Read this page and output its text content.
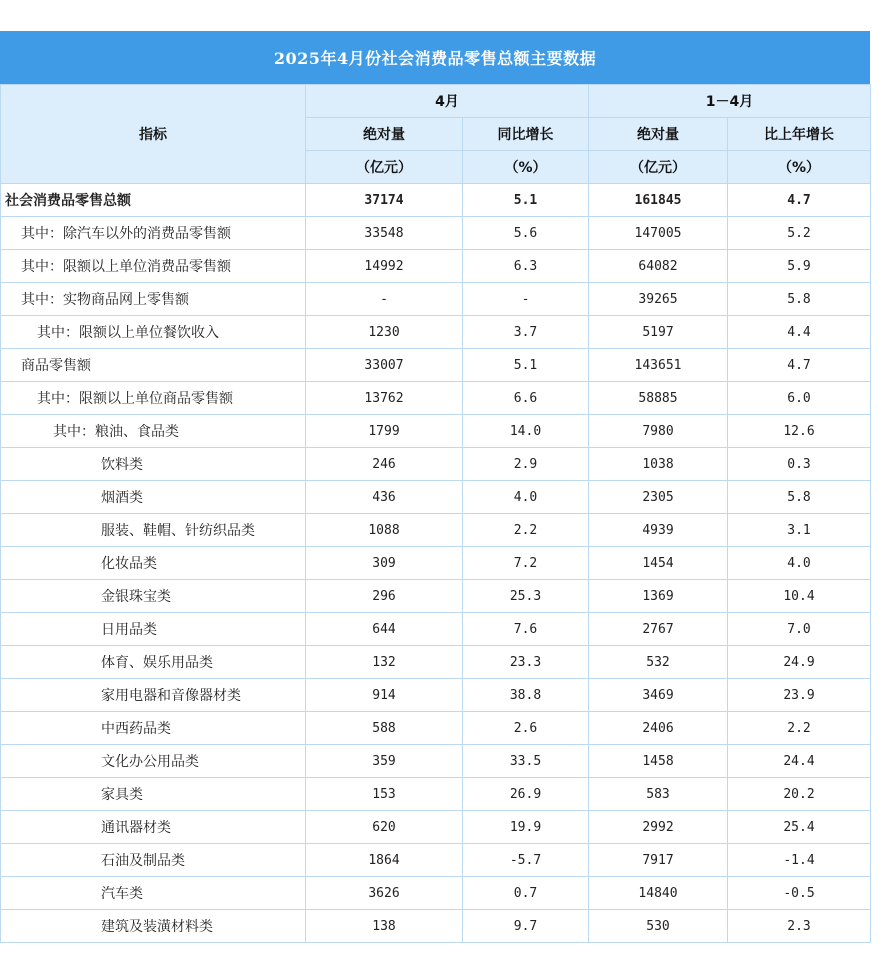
2025年4月份社会消费品零售总额主要数据
指标	4月		1－4月	
	绝对量	同比增长	绝对量	比上年增长
	（亿元）	（%）	（亿元）	（%）
社会消费品零售总额	37174	5.1	161845	4.7
其中：除汽车以外的消费品零售额	33548	5.6	147005	5.2
其中：限额以上单位消费品零售额	14992	6.3	64082	5.9
其中：实物商品网上零售额	-	-	39265	5.8
其中：限额以上单位餐饮收入	1230	3.7	5197	4.4
商品零售额	33007	5.1	143651	4.7
其中：限额以上单位商品零售额	13762	6.6	58885	6.0
其中：粮油、食品类	1799	14.0	7980	12.6
饮料类	246	2.9	1038	0.3
烟酒类	436	4.0	2305	5.8
服装、鞋帽、针纺织品类	1088	2.2	4939	3.1
化妆品类	309	7.2	1454	4.0
金银珠宝类	296	25.3	1369	10.4
日用品类	644	7.6	2767	7.0
体育、娱乐用品类	132	23.3	532	24.9
家用电器和音像器材类	914	38.8	3469	23.9
中西药品类	588	2.6	2406	2.2
文化办公用品类	359	33.5	1458	24.4
家具类	153	26.9	583	20.2
通讯器材类	620	19.9	2992	25.4
石油及制品类	1864	-5.7	7917	-1.4
汽车类	3626	0.7	14840	-0.5
建筑及装潢材料类	138	9.7	530	2.3
